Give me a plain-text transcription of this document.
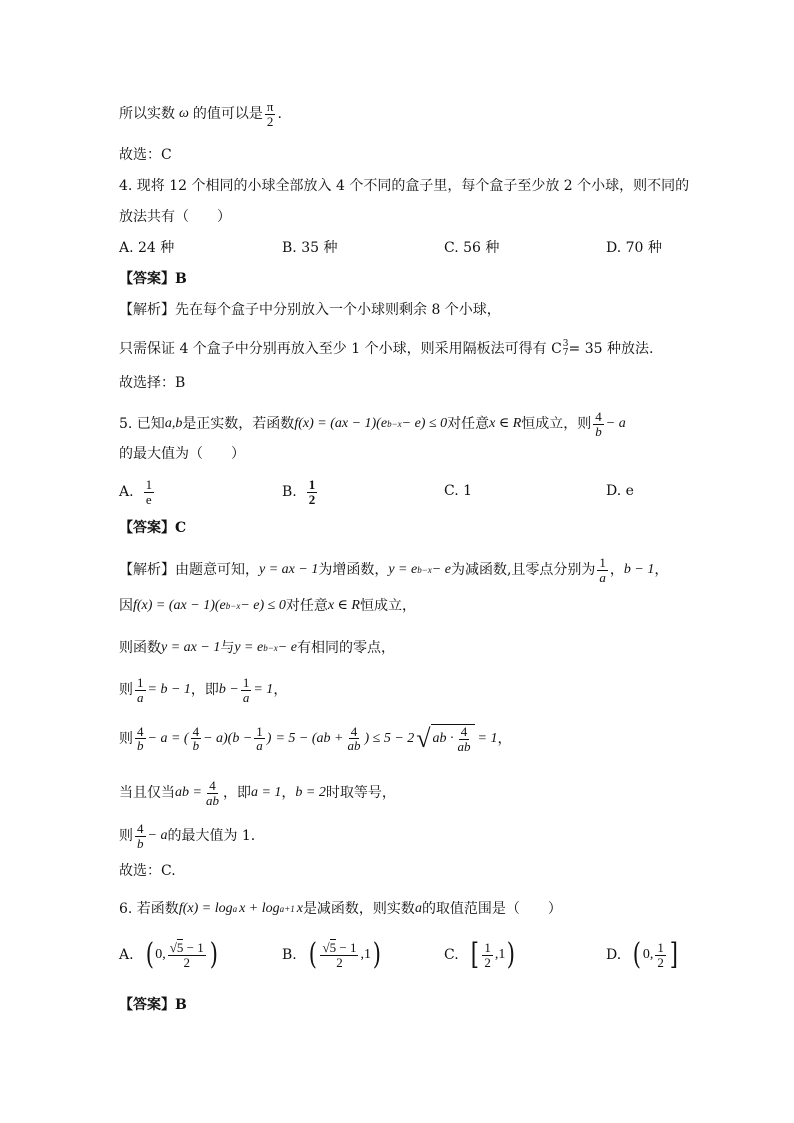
所以实数 ω 的值可以是 $\frac{\pi}{2}$ .
故选：C
4. 现将 12 个相同的小球全部放入 4 个不同的盒子里，每个盒子至少放 2 个小球，则不同的
放法共有（　　）
A. 24 种	B. 35 种	C. 56 种	D. 70 种
【答案】B
【解析】先在每个盒子中分别放入一个小球则剩余 8 个小球，
只需保证 4 个盒子中分别再放入至少 1 个小球，则采用隔板法可得有 C 3
7 = 35 种放法.
故选择：B
5. 已知 a,b 是正实数，若函数 f(x) = (ax − 1)(e b−x − e) ≤ 0 对任意 x ∈ R 恒成立，则 $\frac{4}{b} - a$
的最大值为（　　）
A. $\frac{1}{e}$	B. $\frac{1}{2}$	C. 1	D. e
【答案】C
【解析】由题意可知， y = ax − 1 为增函数， y = e b−x − e 为减函数,且零点分别为 $\frac{1}{a}$ ， b − 1 ，
因 f(x) = (ax − 1)(e b−x − e) ≤ 0 对任意 x ∈ R 恒成立，
则函数 y = ax − 1 与 y = e b−x − e 有相同的零点，
则 $\frac{1}{a} = b - 1$ ，即 $b - \frac{1}{a} = 1$ ，
则 $\frac{4}{b} - a$ = ( $\frac{4}{b} - a)(b - \frac{1}{a}$ ) = $5 - (ab + \frac{4}{ab}$ ) ≤ 5 − 2 √ ab · $\frac{4}{ab} = 1$ ，
当且仅当 ab = $\frac{4}{ab}$ ，即 a = 1 ， b = 2 时取等号，
则 $\frac{4}{b} - a$ 的最大值为 1.
故选：C.
6. 若函数 f(x) = log a x + log a+1 x 是减函数，则实数 a 的取值范围是（　　）
A. ( 0, $\frac{√5 - 1}{2}$ )	B. ( $\frac{√5 - 1}{2} ,1$ )	C. [ $\frac{1}{2} ,1$ )	D. ( 0, $\frac{1}{2}$ ]
【答案】B
